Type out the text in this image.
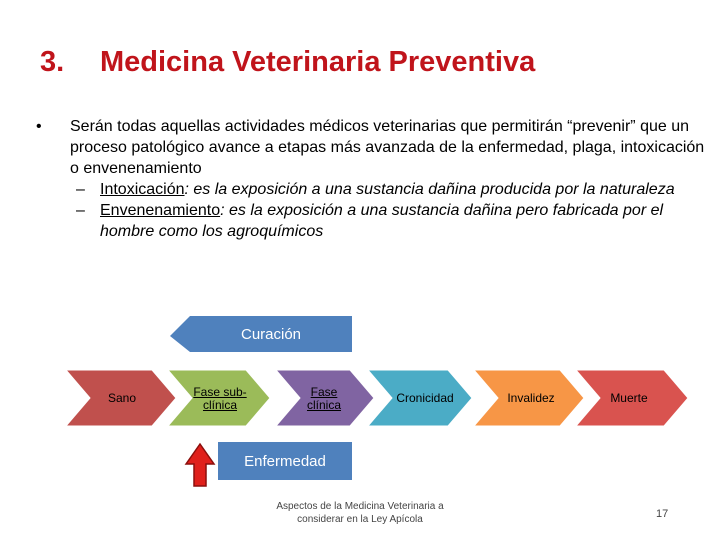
3. Medicina Veterinaria Preventiva
• Serán todas aquellas actividades médicos veterinarias que permitirán “prevenir” que un proceso patológico avance a etapas más avanzada de la enfermedad, plaga, intoxicación o envenenamiento
– Intoxicación: es la exposición a una sustancia dañina producida por la naturaleza
– Envenenamiento: es la exposición a una sustancia dañina pero fabricada por el hombre como los agroquímicos
Curación
Enfermedad
Sano	Fase sub-clínica
Fase clínica	Cronicidad	Invalidez	Muerte
Aspectos de la Medicina Veterinaria a considerar en la Ley Apícola	17
